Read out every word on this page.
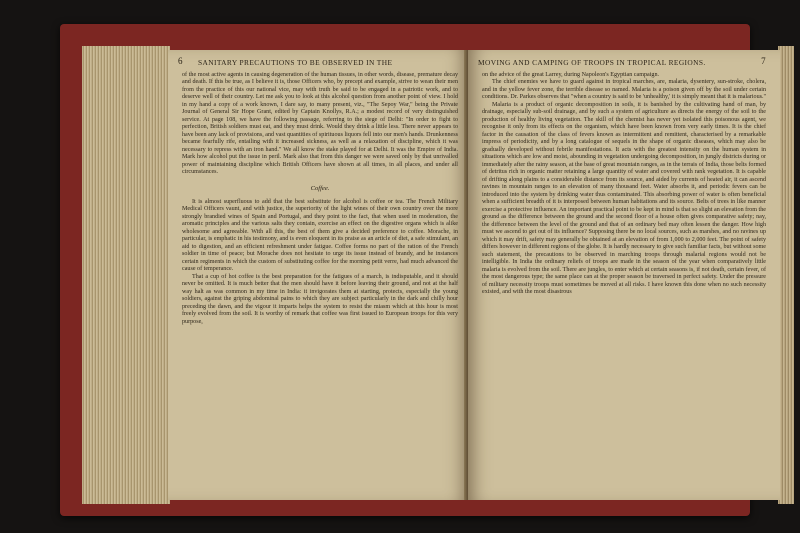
6 SANITARY PRECAUTIONS TO BE OBSERVED IN THE

of the most active agents in causing degeneration of the human tissues, in other words, disease, premature decay and death. If this be true, as I believe it is, those Officers who, by precept and example, strive to wean their men from the practice of this our national vice, may with truth be said to be engaged in a patriotic work, and to deserve well of their country. Let me ask you to look at this alcohol question from another point of view. I hold in my hand a copy of a work known, I dare say, to many present, viz., "The Sepoy War," being the Private Journal of General Sir Hope Grant, edited by Captain Knollys, R.A.; a modest record of very distinguished service. At page 108, we have the following passage, referring to the siege of Delhi: "In order to fight to perfection, British soldiers must eat, and they must drink. Would they drink a little less. There never appears to have been any lack of provisions, and vast quantities of spirituous liquors fell into our men's hands. Drunkenness became fearfully rife, entailing with it increased sickness, as well as a relaxation of discipline, which it was necessary to repress with an iron hand." We all know the stake played for at Delhi. It was the Empire of India. Mark how alcohol put the issue in peril. Mark also that from this danger we were saved only by that unrivalled power of maintaining discipline which British Officers have shown at all times, in all places, and under all circumstances.

Coffee.

It is almost superfluous to add that the best substitute for alcohol is coffee or tea. The French Military Medical Officers vaunt, and with justice, the superiority of the light wines of their own country over the more strongly brandied wines of Spain and Portugal, and they point to the fact, that when used in moderation, the aromatic principles and the various salts they contain, exercise an effect on the digestive organs which is alike wholesome and agreeable. With all this, the best of them give a decided preference to coffee. Morache, in particular, is emphatic in his testimony, and is even eloquent in its praise as an article of diet, a safe stimulant, an aid to digestion, and an efficient refreshment under fatigue. Coffee forms no part of the ration of the French soldier in time of peace; but Morache does not hesitate to urge its issue instead of brandy, and he instances certain regiments in which the custom of substituting coffee for the morning petit verre, had much advanced the cause of temperance.

That a cup of hot coffee is the best preparation for the fatigues of a march, is indisputable, and it should never be omitted. It is much better that the men should have it before leaving their ground, and not at the half way halt as was common in my time in India: it invigorates them at starting, protects, especially the young soldiers, against the griping abdominal pains to which they are subject particularly in the dark and chilly hour preceding the dawn, and the vigour it imparts helps the system to resist the miasm which at this hour is most freely evolved from the soil. It is worthy of remark that coffee was first issued to European troops for this very purpose,

MOVING AND CAMPING OF TROOPS IN TROPICAL REGIONS.	7

on the advice of the great Larrey, during Napoleon's Egyptian campaign.

The chief enemies we have to guard against in tropical marches, are, malaria, dysentery, sun-stroke, cholera, and in the yellow fever zone, the terrible disease so named. Malaria is a poison given off by the soil under certain conditions. Dr. Parkes observes that "when a country is said to be 'unhealthy,' it is simply meant that it is malarious."

Malaria is a product of organic decomposition in soils, it is banished by the cultivating hand of man, by drainage, especially sub-soil drainage, and by such a system of agriculture as directs the energy of the soil to the production of healthy living vegetation. The skill of the chemist has never yet isolated this poisonous agent, we recognise it only from its effects on the organism, which have been known from very early times. It is the chief factor in the causation of the class of fevers known as intermittent and remittent, characterised by a remarkable impress of periodicity, and by a long catalogue of sequels in the shape of organic diseases, which may also be gradually developed without febrile manifestations. It acts with the greatest intensity on the human system in situations which are low and moist, abounding in vegetation undergoing decomposition, in jungly districts during or immediately after the rainy season, at the base of great mountain ranges, as in the terrais of India, those belts formed of detritus rich in organic matter retaining a large quantity of water and covered with rank vegetation. It is capable of drifting along plains to a considerable distance from its source, and aided by currents of heated air, it can ascend ravines in mountain ranges to an elevation of many thousand feet. Water absorbs it, and periodic fevers can be introduced into the system by drinking water thus contaminated. This absorbing power of water is often beneficial when a sufficient breadth of it is interposed between human habitations and its source. Belts of trees in like manner exercise a protective influence. An important practical point to be kept in mind is that so slight an elevation from the ground as the difference between the ground and the second floor of a house often gives comparative safety; nay, the difference between the level of the ground and that of an ordinary bed may often lessen the danger. How high must we ascend to get out of its influence? Supposing there be no local sources, such as marshes, and no ravines up which it may drift, safety may generally be obtained at an elevation of from 1,000 to 2,000 feet. The point of safety differs however in different regions of the globe. It is hardly necessary to give such familiar facts, but without some such statement, the precautions to be observed in marching troops through malarial regions would not be intelligible. In India the ordinary reliefs of troops are made in the season of the year when comparatively little malaria is evolved from the soil. There are jungles, to enter which at certain seasons is, if not death, certain fever, of the most dangerous type; the same place can at the proper season be traversed in perfect safety. Under the pressure of military necessity troops must sometimes be moved at all risks. I have known this done when no such necessity existed, and with the most disastrous
